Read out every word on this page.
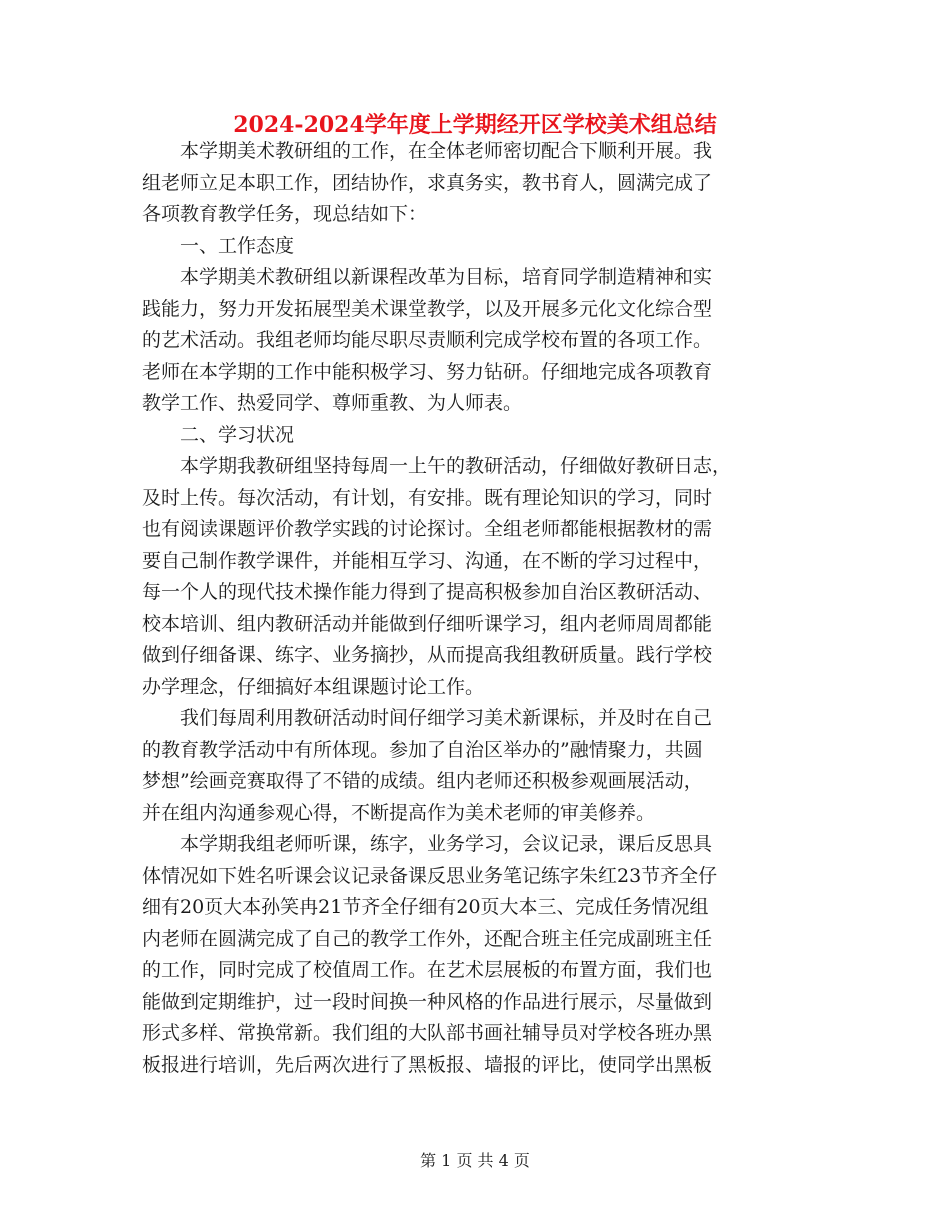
2024-2024学年度上学期经开区学校美术组总结
　　本学期美术教研组的工作，在全体老师密切配合下顺利开展。我
组老师立足本职工作，团结协作，求真务实，教书育人，圆满完成了
各项教育教学任务，现总结如下：
　　一、工作态度
　　本学期美术教研组以新课程改革为目标，培育同学制造精神和实
践能力，努力开发拓展型美术课堂教学，以及开展多元化文化综合型
的艺术活动。我组老师均能尽职尽责顺利完成学校布置的各项工作。
老师在本学期的工作中能积极学习、努力钻研。仔细地完成各项教育
教学工作、热爱同学、尊师重教、为人师表。
　　二、学习状况
　　本学期我教研组坚持每周一上午的教研活动，仔细做好教研日志，
及时上传。每次活动，有计划，有安排。既有理论知识的学习，同时
也有阅读课题评价教学实践的讨论探讨。全组老师都能根据教材的需
要自己制作教学课件，并能相互学习、沟通，在不断的学习过程中，
每一个人的现代技术操作能力得到了提高积极参加自治区教研活动、
校本培训、组内教研活动并能做到仔细听课学习，组内老师周周都能
做到仔细备课、练字、业务摘抄，从而提高我组教研质量。践行学校
办学理念，仔细搞好本组课题讨论工作。
　　我们每周利用教研活动时间仔细学习美术新课标，并及时在自己
的教育教学活动中有所体现。参加了自治区举办的”融情聚力，共圆
梦想”绘画竞赛取得了不错的成绩。组内老师还积极参观画展活动，
并在组内沟通参观心得，不断提高作为美术老师的审美修养。
　　本学期我组老师听课，练字，业务学习，会议记录，课后反思具
体情况如下姓名听课会议记录备课反思业务笔记练字朱红23节齐全仔
细有20页大本孙笑冉21节齐全仔细有20页大本三、完成任务情况组
内老师在圆满完成了自己的教学工作外，还配合班主任完成副班主任
的工作，同时完成了校值周工作。在艺术层展板的布置方面，我们也
能做到定期维护，过一段时间换一种风格的作品进行展示，尽量做到
形式多样、常换常新。我们组的大队部书画社辅导员对学校各班办黑
板报进行培训，先后两次进行了黑板报、墙报的评比，使同学出黑板
第 1 页 共 4 页
